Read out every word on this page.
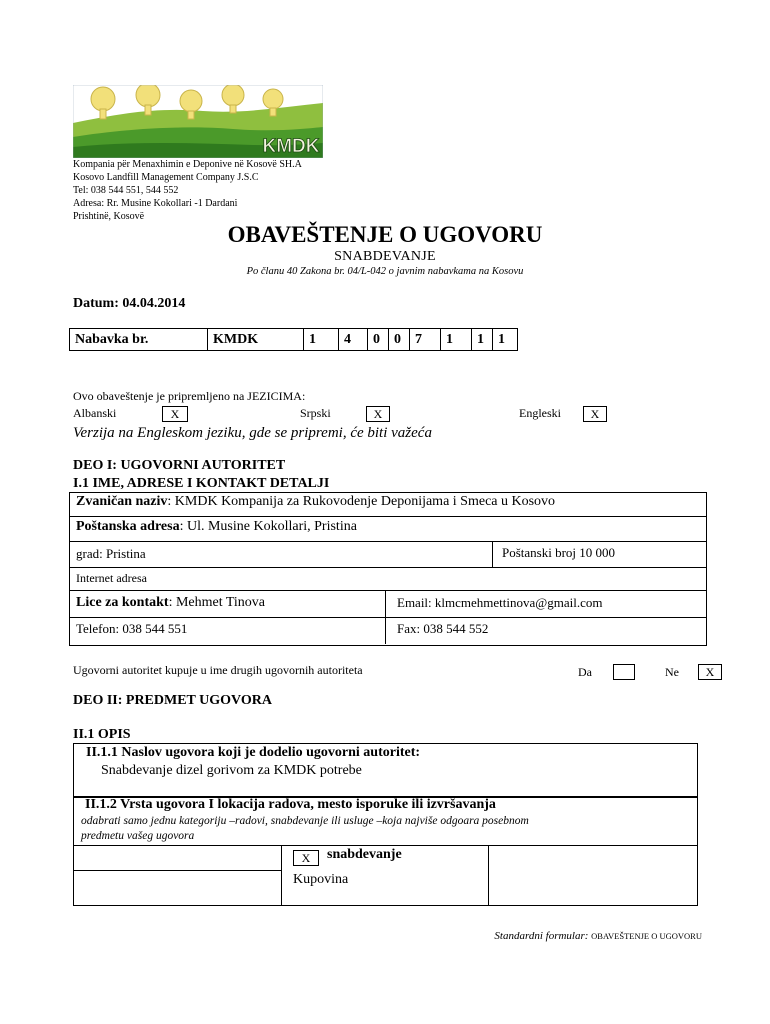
KMDK
Kompania për Menaxhimin e Deponive në Kosovë SH.A
Kosovo Landfill Management Company J.S.C
Tel: 038 544 551, 544 552
Adresa: Rr. Musine Kokollari -1 Dardani
Prishtinë, Kosovë
OBAVEŠTENJE O UGOVORU
SNABDEVANJE
Po članu 40 Zakona br. 04/L-042 o javnim nabavkama na Kosovu
Datum: 04.04.2014
Nabavka br.	KMDK	1	4	0	0	7	1	1	1
Ovo obaveštenje je pripremljeno na JEZICIMA:
Albanski	X	Srpski	X	Engleski	X
Verzija na Engleskom jeziku, gde se pripremi, će biti važeća
DEO I: UGOVORNI AUTORITET
I.1 IME, ADRESE I KONTAKT DETALJI
Zvaničan naziv: KMDK Kompanija za Rukovodenje Deponijama i Smeca u Kosovo
Poštanska adresa: Ul. Musine Kokollari, Pristina
grad: Pristina	Poštanski broj 10 000
Internet adresa
Lice za kontakt: Mehmet Tinova	Email: klmcmehmettinova@gmail.com
Telefon: 038 544 551	Fax: 038 544 552
Ugovorni autoritet kupuje u ime drugih ugovornih autoriteta	Da	Ne	X
DEO II: PREDMET UGOVORA
II.1 OPIS
II.1.1 Naslov ugovora koji je dodelio ugovorni autoritet:
Snabdevanje dizel gorivom za KMDK potrebe
II.1.2 Vrsta ugovora I lokacija radova, mesto isporuke ili izvršavanja
odabrati samo jednu kategoriju –radovi, snabdevanje ili usluge –koja najviše odgoara posebnom
predmetu vašeg ugovora
X	snabdevanje
Kupovina
Standardni formular: OBAVEŠTENJE O UGOVORU
